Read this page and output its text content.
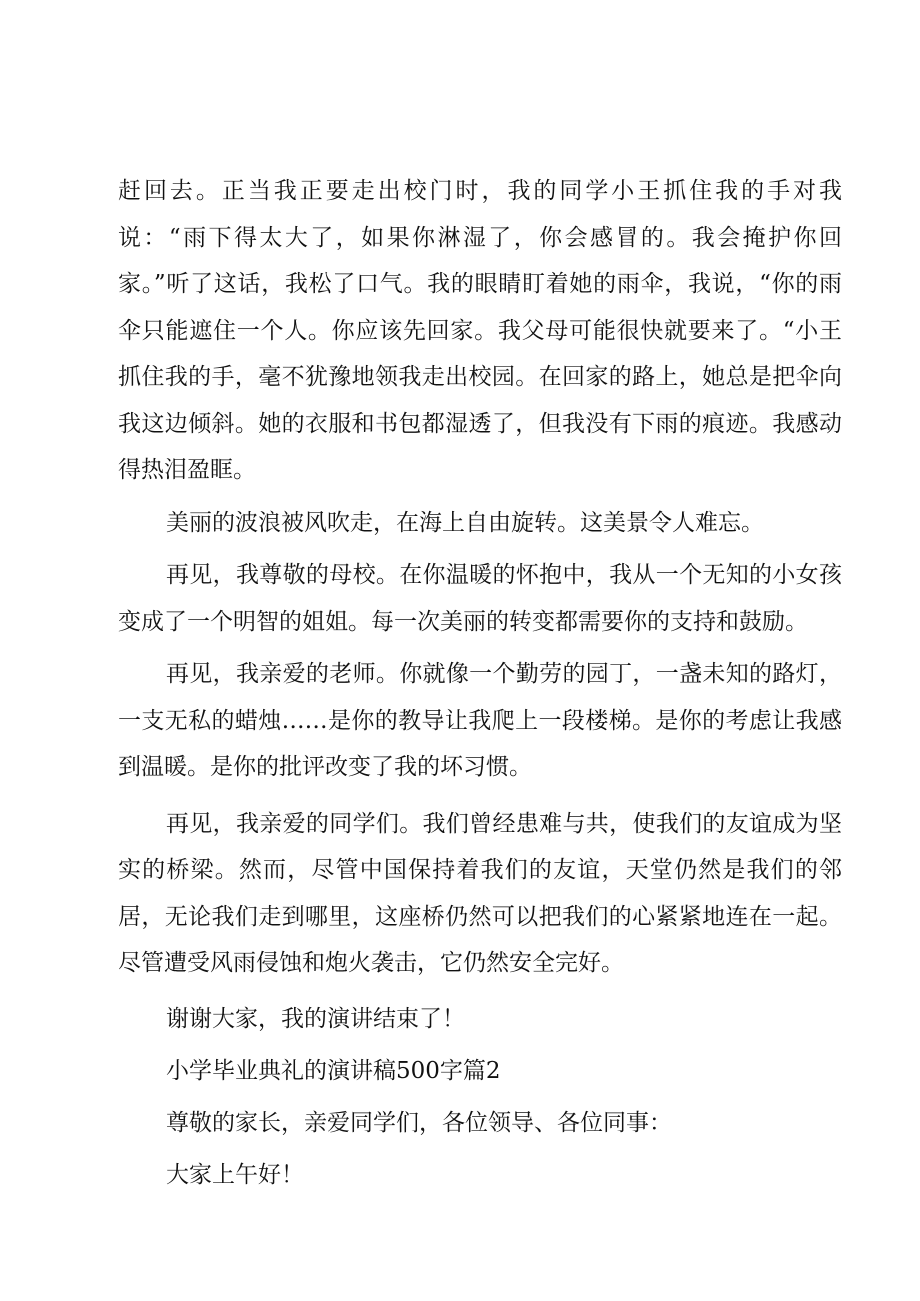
赶回去。正当我正要走出校门时，我的同学小王抓住我的手对我说：“雨下得太大了，如果你淋湿了，你会感冒的。我会掩护你回家。”听了这话，我松了口气。我的眼睛盯着她的雨伞，我说，“你的雨伞只能遮住一个人。你应该先回家。我父母可能很快就要来了。“小王抓住我的手，毫不犹豫地领我走出校园。在回家的路上，她总是把伞向我这边倾斜。她的衣服和书包都湿透了，但我没有下雨的痕迹。我感动得热泪盈眶。

美丽的波浪被风吹走，在海上自由旋转。这美景令人难忘。

再见，我尊敬的母校。在你温暖的怀抱中，我从一个无知的小女孩变成了一个明智的姐姐。每一次美丽的转变都需要你的支持和鼓励。

再见，我亲爱的老师。你就像一个勤劳的园丁，一盏未知的路灯，一支无私的蜡烛……是你的教导让我爬上一段楼梯。是你的考虑让我感到温暖。是你的批评改变了我的坏习惯。

再见，我亲爱的同学们。我们曾经患难与共，使我们的友谊成为坚实的桥梁。然而，尽管中国保持着我们的友谊，天堂仍然是我们的邻居，无论我们走到哪里，这座桥仍然可以把我们的心紧紧地连在一起。尽管遭受风雨侵蚀和炮火袭击，它仍然安全完好。

谢谢大家，我的演讲结束了！

小学毕业典礼的演讲稿500字篇2

尊敬的家长，亲爱同学们，各位领导、各位同事：

大家上午好！
